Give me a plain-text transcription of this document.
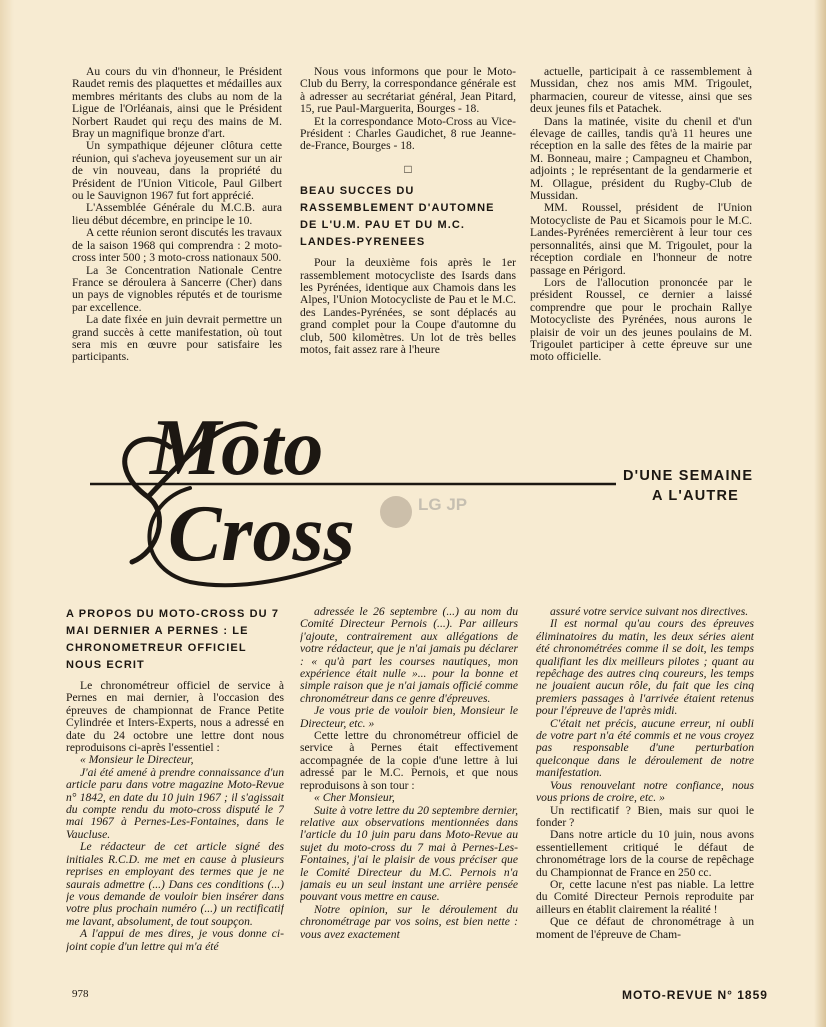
Au cours du vin d'honneur, le Président Raudet remis des plaquettes et médailles aux membres méritants des clubs au nom de la Ligue de l'Orléanais, ainsi que le Président Norbert Raudet qui reçu des mains de M. Bray un magnifique bronze d'art.

Un sympathique déjeuner clôtura cette réunion, qui s'acheva joyeusement sur un air de vin nouveau, dans la propriété du Président de l'Union Viticole, Paul Gilbert ou le Sauvignon 1967 fut fort apprécié.

L'Assemblée Générale du M.C.B. aura lieu début décembre, en principe le 10.

A cette réunion seront discutés les travaux de la saison 1968 qui comprendra : 2 moto-cross inter 500 ; 3 moto-cross nationaux 500.

La 3e Concentration Nationale Centre France se déroulera à Sancerre (Cher) dans un pays de vignobles réputés et de tourisme par excellence.

La date fixée en juin devrait permettre un grand succès à cette manifestation, où tout sera mis en œuvre pour satisfaire les participants.

Nous vous informons que pour le Moto-Club du Berry, la correspondance générale est à adresser au secrétariat général, Jean Pitard, 15, rue Paul-Marguerita, Bourges - 18.

Et la correspondance Moto-Cross au Vice-Président : Charles Gaudichet, 8 rue Jeanne-de-France, Bourges - 18.

□
BEAU SUCCES DU RASSEMBLEMENT D'AUTOMNE DE L'U.M. PAU ET DU M.C. LANDES-PYRENEES

Pour la deuxième fois après le 1er rassemblement motocycliste des Isards dans les Pyrénées, identique aux Chamois dans les Alpes, l'Union Motocycliste de Pau et le M.C. des Landes-Pyrénées, se sont déplacés au grand complet pour la Coupe d'automne du club, 500 kilomètres. Un lot de très belles motos, fait assez rare à l'heure

actuelle, participait à ce rassemblement à Mussidan, chez nos amis MM. Trigoulet, pharmacien, coureur de vitesse, ainsi que ses deux jeunes fils et Patachek.

Dans la matinée, visite du chenil et d'un élevage de cailles, tandis qu'à 11 heures une réception en la salle des fêtes de la mairie par M. Bonneau, maire ; Campagneu et Chambon, adjoints ; le représentant de la gendarmerie et M. Ollague, président du Rugby-Club de Mussidan.

MM. Roussel, président de l'Union Motocycliste de Pau et Sicamois pour le M.C. Landes-Pyrénées remercièrent à leur tour ces personnalités, ainsi que M. Trigoulet, pour la réception cordiale en l'honneur de notre passage en Périgord.

Lors de l'allocution prononcée par le président Roussel, ce dernier a laissé comprendre que pour le prochain Rallye Motocycliste des Pyrénées, nous aurons le plaisir de voir un des jeunes poulains de M. Trigoulet participer à cette épreuve sur une moto officielle.

Moto
Cross	LG JP
D'UNE SEMAINE
A L'AUTRE
A PROPOS DU MOTO-CROSS DU 7 MAI DERNIER A PERNES : LE CHRONOMETREUR OFFICIEL NOUS ECRIT

Le chronométreur officiel de service à Pernes en mai dernier, à l'occasion des épreuves de championnat de France Petite Cylindrée et Inters-Experts, nous a adressé en date du 24 octobre une lettre dont nous reproduisons ci-après l'essentiel :

« Monsieur le Directeur,

J'ai été amené à prendre connaissance d'un article paru dans votre magazine Moto-Revue n° 1842, en date du 10 juin 1967 ; il s'agissait du compte rendu du moto-cross disputé le 7 mai 1967 à Pernes-Les-Fontaines, dans le Vaucluse.

Le rédacteur de cet article signé des initiales R.C.D. me met en cause à plusieurs reprises en employant des termes que je ne saurais admettre (...) Dans ces conditions (...) je vous demande de vouloir bien insérer dans votre plus prochain numéro (...) un rectificatif me lavant, absolument, de tout soupçon.

A l'appui de mes dires, je vous donne ci-joint copie d'un lettre qui m'a été

adressée le 26 septembre (...) au nom du Comité Directeur Pernois (...). Par ailleurs j'ajoute, contrairement aux allégations de votre rédacteur, que je n'ai jamais pu déclarer : « qu'à part les courses nautiques, mon expérience était nulle »... pour la bonne et simple raison que je n'ai jamais officié comme chronométreur dans ce genre d'épreuves.

Je vous prie de vouloir bien, Monsieur le Directeur, etc. »

Cette lettre du chronométreur officiel de service à Pernes était effectivement accompagnée de la copie d'une lettre à lui adressé par le M.C. Pernois, et que nous reproduisons à son tour :

« Cher Monsieur,

Suite à votre lettre du 20 septembre dernier, relative aux observations mentionnées dans l'article du 10 juin paru dans Moto-Revue au sujet du moto-cross du 7 mai à Pernes-Les-Fontaines, j'ai le plaisir de vous préciser que le Comité Directeur du M.C. Pernois n'a jamais eu un seul instant une arrière pensée pouvant vous mettre en cause.

Notre opinion, sur le déroulement du chronométrage par vos soins, est bien nette : vous avez exactement

assuré votre service suivant nos directives.

Il est normal qu'au cours des épreuves éliminatoires du matin, les deux séries aient été chronométrées comme il se doit, les temps qualifiant les dix meilleurs pilotes ; quant au repêchage des autres cinq coureurs, les temps ne jouaient aucun rôle, du fait que les cinq premiers passages à l'arrivée étaient retenus pour l'épreuve de l'après midi.

C'était net précis, aucune erreur, ni oubli de votre part n'a été commis et ne vous croyez pas responsable d'une perturbation quelconque dans le déroulement de notre manifestation.

Vous renouvelant notre confiance, nous vous prions de croire, etc. »

Un rectificatif ? Bien, mais sur quoi le fonder ?

Dans notre article du 10 juin, nous avons essentiellement critiqué le défaut de chronométrage lors de la course de repêchage du Championnat de France en 250 cc.

Or, cette lacune n'est pas niable. La lettre du Comité Directeur Pernois reproduite par ailleurs en établit clairement la réalité !

Que ce défaut de chronométrage à un moment de l'épreuve de Cham-

978	MOTO-REVUE N° 1859
